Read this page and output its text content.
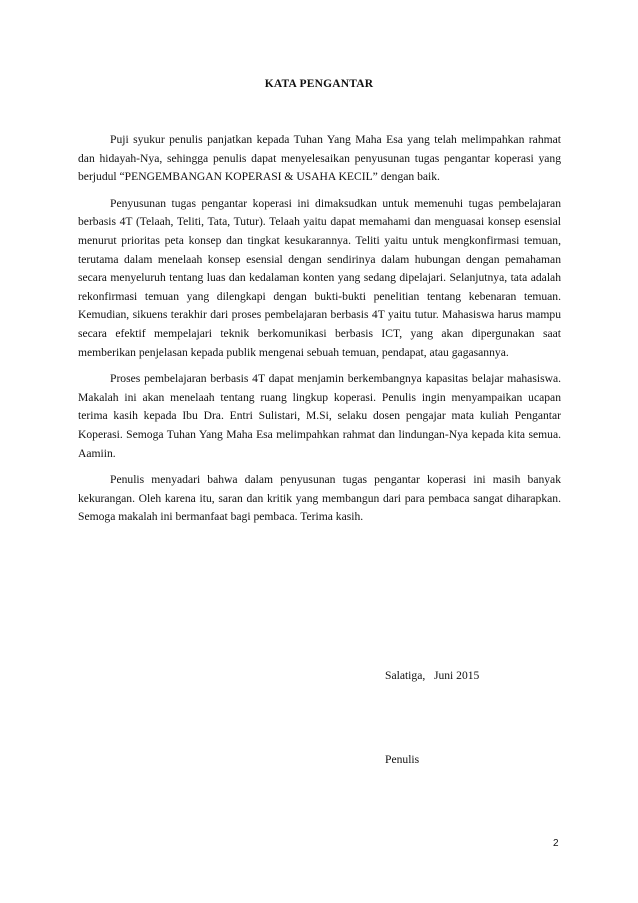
KATA PENGANTAR

Puji syukur penulis panjatkan kepada Tuhan Yang Maha Esa yang telah melimpahkan rahmat dan hidayah-Nya, sehingga penulis dapat menyelesaikan penyusunan tugas pengantar koperasi yang berjudul “PENGEMBANGAN KOPERASI & USAHA KECIL” dengan baik.

Penyusunan tugas pengantar koperasi ini dimaksudkan untuk memenuhi tugas pembelajaran berbasis 4T (Telaah, Teliti, Tata, Tutur). Telaah yaitu dapat memahami dan menguasai konsep esensial menurut prioritas peta konsep dan tingkat kesukarannya. Teliti yaitu untuk mengkonfirmasi temuan, terutama dalam menelaah konsep esensial dengan sendirinya dalam hubungan dengan pemahaman secara menyeluruh tentang luas dan kedalaman konten yang sedang dipelajari. Selanjutnya, tata adalah rekonfirmasi temuan yang dilengkapi dengan bukti-bukti penelitian tentang kebenaran temuan. Kemudian, sikuens terakhir dari proses pembelajaran berbasis 4T yaitu tutur. Mahasiswa harus mampu secara efektif mempelajari teknik berkomunikasi berbasis ICT, yang akan dipergunakan saat memberikan penjelasan kepada publik mengenai sebuah temuan, pendapat, atau gagasannya.

Proses pembelajaran berbasis 4T dapat menjamin berkembangnya kapasitas belajar mahasiswa. Makalah ini akan menelaah tentang ruang lingkup koperasi. Penulis ingin menyampaikan ucapan terima kasih kepada Ibu Dra. Entri Sulistari, M.Si, selaku dosen pengajar mata kuliah Pengantar Koperasi. Semoga Tuhan Yang Maha Esa melimpahkan rahmat dan lindungan-Nya kepada kita semua. Aamiin.

Penulis menyadari bahwa dalam penyusunan tugas pengantar koperasi ini masih banyak kekurangan. Oleh karena itu, saran dan kritik yang membangun dari para pembaca sangat diharapkan. Semoga makalah ini bermanfaat bagi pembaca. Terima kasih.

Salatiga,   Juni 2015

Penulis

2
